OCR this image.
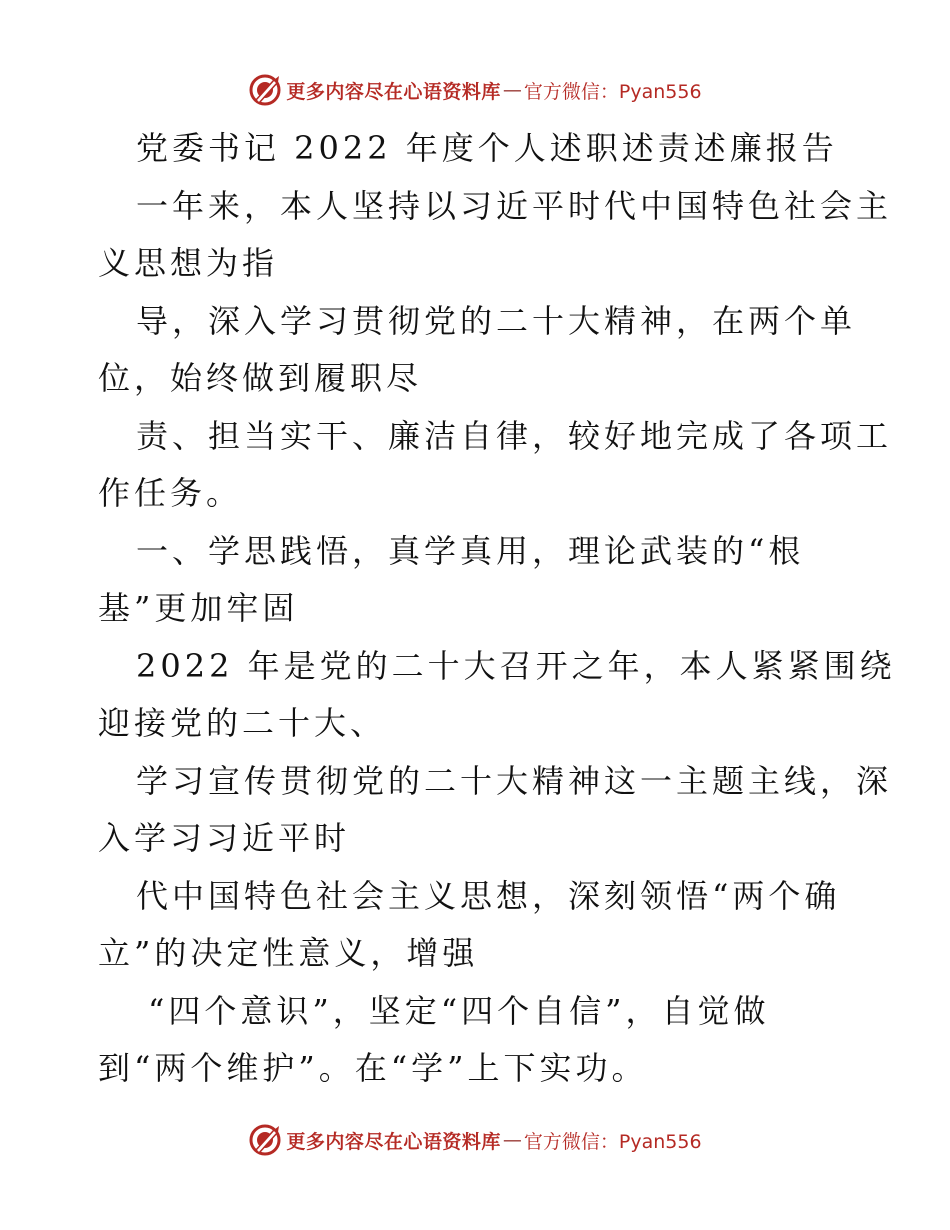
更多内容尽在心语资料库 — 官方微信：Pyan556
党委书记 2022 年度个人述职述责述廉报告
一年来，本人坚持以习近平时代中国特色社会主
义思想为指
导，深入学习贯彻党的二十大精神，在两个单
位，始终做到履职尽
责、担当实干、廉洁自律，较好地完成了各项工
作任务。
一、学思践悟，真学真用，理论武装的“根
基”更加牢固
2022 年是党的二十大召开之年，本人紧紧围绕
迎接党的二十大、
学习宣传贯彻党的二十大精神这一主题主线，深
入学习习近平时
代中国特色社会主义思想，深刻领悟“两个确
立”的决定性意义，增强
“四个意识”，坚定“四个自信”，自觉做
到“两个维护”。在“学”上下实功。
更多内容尽在心语资料库 — 官方微信：Pyan556
